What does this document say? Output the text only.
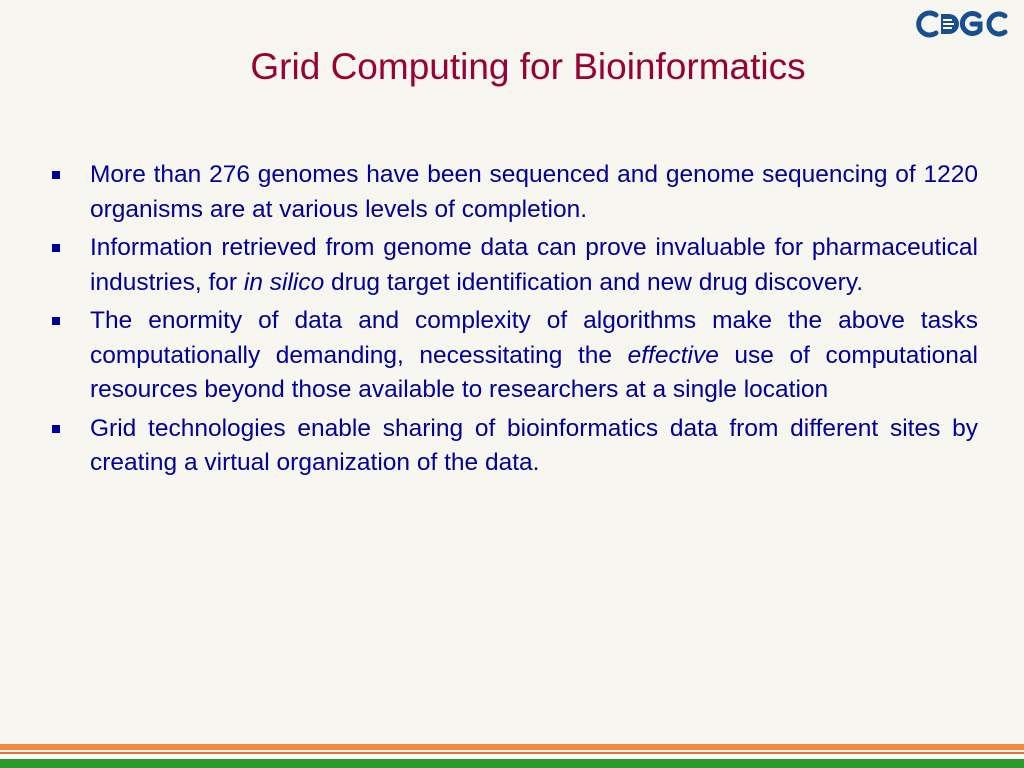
Grid Computing for Bioinformatics
More than 276 genomes have been sequenced and genome sequencing of 1220 organisms are at various levels of completion.
Information retrieved from genome data can prove invaluable for pharmaceutical industries, for in silico drug target identification and new drug discovery.
The enormity of data and complexity of algorithms make the above tasks computationally demanding, necessitating the effective use of computational resources beyond those available to researchers at a single location
Grid technologies enable sharing of bioinformatics data from different sites by creating a virtual organization of the data.
